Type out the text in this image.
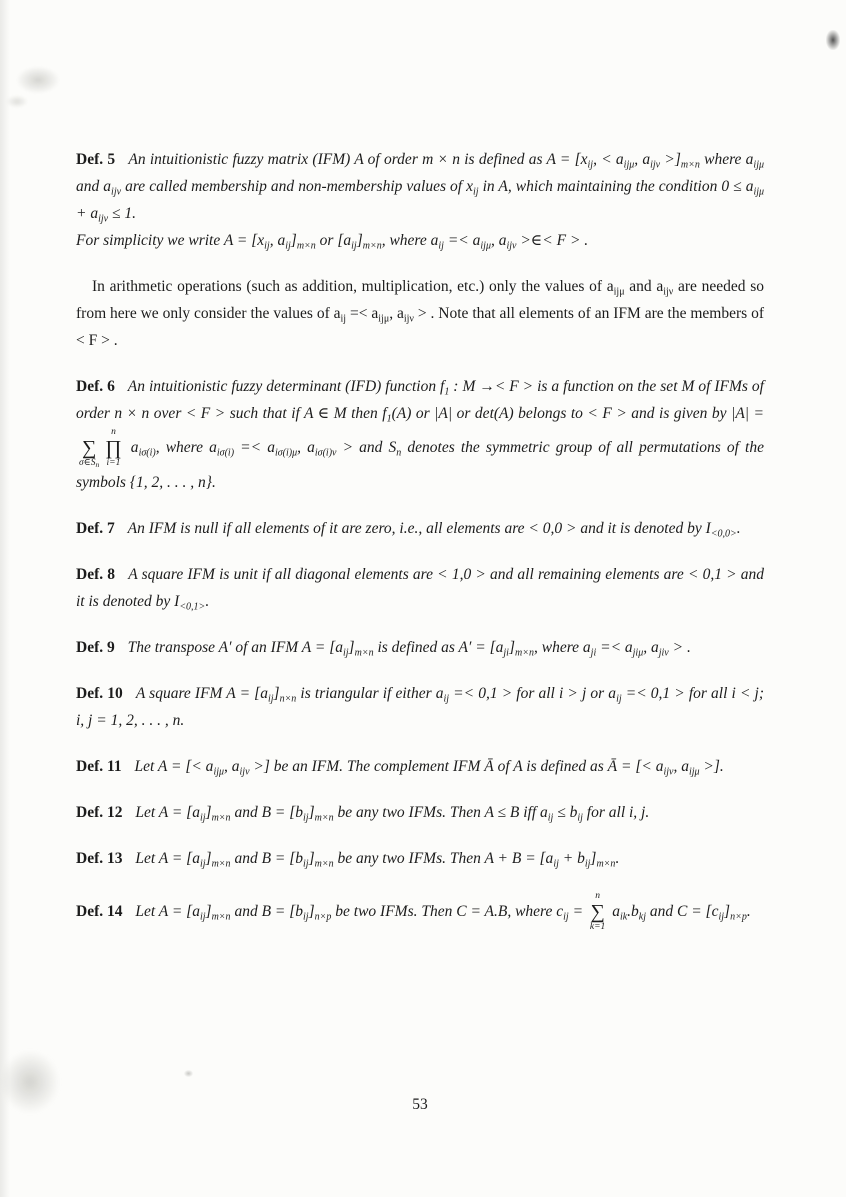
Def. 5 An intuitionistic fuzzy matrix (IFM) A of order m × n is defined as $A = [x_{ij}$, < $a_{ij\mu}$, $a_{ij\nu} >]_{m\times n}$ where $a_{ij\mu}$ and $a_{ij\nu}$ are called membership and non-membership values of $x_{ij}$ in A, which maintaining the condition $0 \le a_{ij\mu} + a_{ij\nu} \le 1$.
For simplicity we write $A = [x_{ij}$, $a_{ij}]_{m\times n}$ or $[a_{ij}]_{m\times n}$, where $a_{ij} =< a_{ij\mu}$, $a_{ij\nu}$ >∈< F > .

In arithmetic operations (such as addition, multiplication, etc.) only the values of $a_{ij\mu}$ and $a_{ij\nu}$ are needed so from here we only consider the values of $a_{ij} =< a_{ij\mu}$, $a_{ij\nu}$ > . Note that all elements of an IFM are the members of < F > .

Def. 6 An intuitionistic fuzzy determinant (IFD) function $f_1$ : M →< F > is a function on the set M of IFMs of order n × n over < F > such that if A ∈ M then $f_1(A)$ or |A| or det(A) belongs to < F > and is given by |A| =
∑
$\sigma\in S_n$
n
∏
i=1
$a_{i\sigma(i)}$, where $a_{i\sigma(i)} =< a_{i\sigma(i)\mu}$, $a_{i\sigma(i)\nu}$ > and $S_n$ denotes the symmetric group of all permutations of the symbols {1, 2, . . . , n}.

Def. 7 An IFM is null if all elements of it are zero, i.e., all elements are < 0,0 > and it is denoted by $I_{<0,0>}$.

Def. 8 A square IFM is unit if all diagonal elements are < 1,0 > and all remaining elements are < 0,1 > and it is denoted by $I_{<0,1>}$.

Def. 9 The transpose A′ of an IFM $A = [a_{ij}]_{m\times n}$ is defined as $A' = [a_{ji}]_{m\times n}$, where $a_{ji} =< a_{ji\mu}$, $a_{ji\nu}$ > .

Def. 10 A square IFM $A = [a_{ij}]_{n\times n}$ is triangular if either $a_{ij} =< 0,1$ > for all i > j or $a_{ij} =< 0,1$ > for all i < j; i, j = 1, 2, . . . , n.

Def. 11 Let A = [< $a_{ij\mu}$, $a_{ij\nu}$ >] be an IFM. The complement IFM Ā of A is defined as Ā = [< $a_{ij\nu}$, $a_{ij\mu}$ >].

Def. 12 Let $A = [a_{ij}]_{m\times n}$ and $B = [b_{ij}]_{m\times n}$ be any two IFMs. Then A ≤ B iff $a_{ij} \le b_{ij}$ for all i, j.

Def. 13 Let $A = [a_{ij}]_{m\times n}$ and $B = [b_{ij}]_{m\times n}$ be any two IFMs. Then $A + B = [a_{ij} + b_{ij}]_{m\times n}$.

Def. 14 Let $A = [a_{ij}]_{m\times n}$ and $B = [b_{ij}]_{n\times p}$ be two IFMs. Then C = A.B, where $c_{ij}$ =
n
∑
k=1
$a_{ik}.b_{kj}$ and $C = [c_{ij}]_{n\times p}$.

53
